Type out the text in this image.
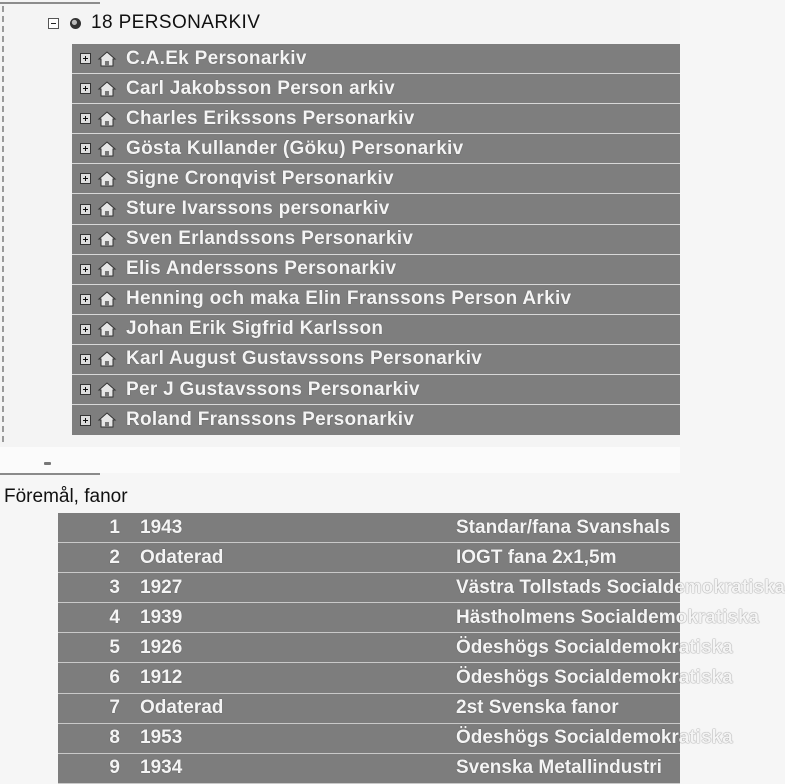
18 PERSONARKIV
C.A.Ek Personarkiv
Carl Jakobsson Person arkiv
Charles Erikssons Personarkiv
Gösta Kullander (Göku) Personarkiv
Signe Cronqvist Personarkiv
Sture Ivarssons personarkiv
Sven Erlandssons Personarkiv
Elis Anderssons Personarkiv
Henning och maka Elin Franssons Person Arkiv
Johan Erik Sigfrid Karlsson
Karl August Gustavssons Personarkiv
Per J Gustavssons Personarkiv
Roland Franssons Personarkiv
Föremål, fanor
1	1943	Standar/fana Svanshals
2	Odaterad	IOGT fana 2x1,5m
3	1927	Västra Tollstads Socialdemokratiska
4	1939	Hästholmens Socialdemokratiska
5	1926	Ödeshögs Socialdemokratiska
6	1912	Ödeshögs Socialdemokratiska
7	Odaterad	2st Svenska fanor
8	1953	Ödeshögs Socialdemokratiska
9	1934	Svenska Metallindustri
